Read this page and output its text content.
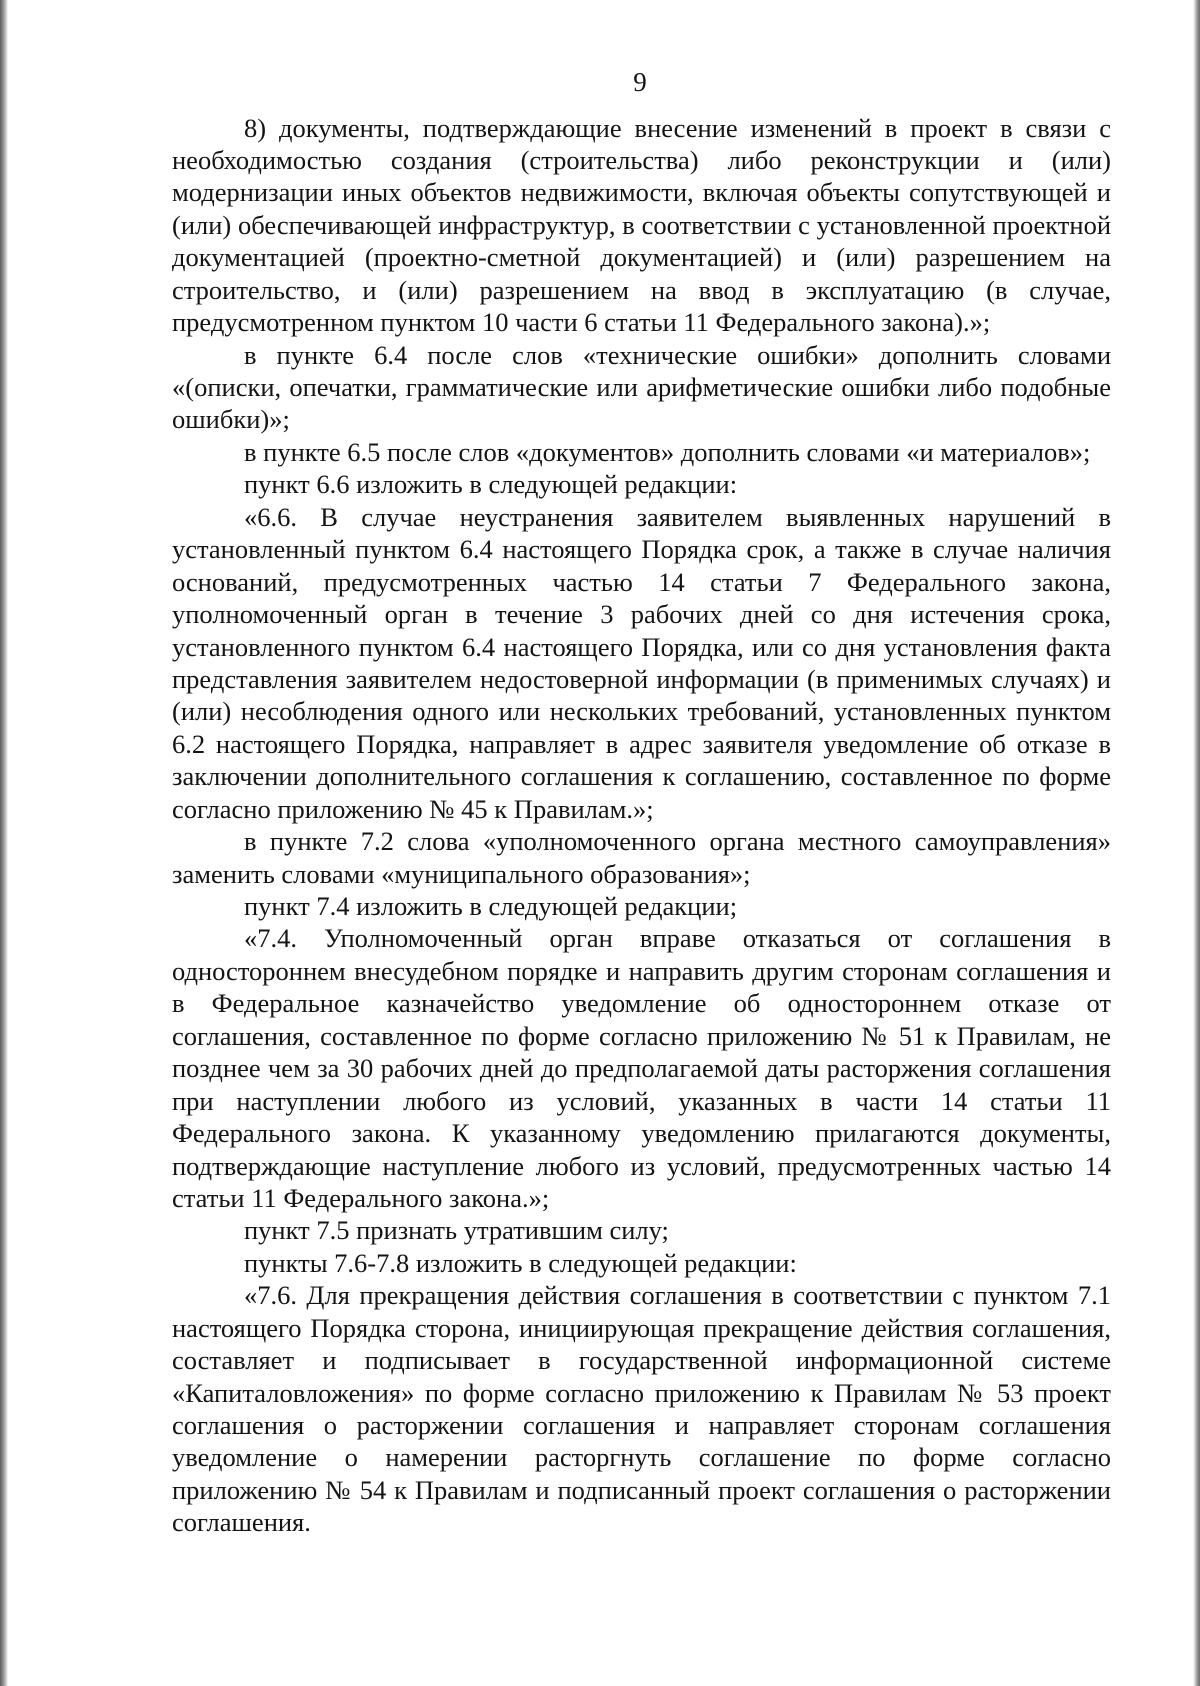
9

8) документы, подтверждающие внесение изменений в проект в связи с необходимостью создания (строительства) либо реконструкции и (или) модернизации иных объектов недвижимости, включая объекты сопутствующей и (или) обеспечивающей инфраструктур, в соответствии с установленной проектной документацией (проектно-сметной документацией) и (или) разрешением на строительство, и (или) разрешением на ввод в эксплуатацию (в случае, предусмотренном пунктом 10 части 6 статьи 11 Федерального закона).»;

в пункте 6.4 после слов «технические ошибки» дополнить словами «(описки, опечатки, грамматические или арифметические ошибки либо подобные ошибки)»;

в пункте 6.5 после слов «документов» дополнить словами «и материалов»;

пункт 6.6 изложить в следующей редакции:

«6.6. В случае неустранения заявителем выявленных нарушений в установленный пунктом 6.4 настоящего Порядка срок, а также в случае наличия оснований, предусмотренных частью 14 статьи 7 Федерального закона, уполномоченный орган в течение 3 рабочих дней со дня истечения срока, установленного пунктом 6.4 настоящего Порядка, или со дня установления факта представления заявителем недостоверной информации (в применимых случаях) и (или) несоблюдения одного или нескольких требований, установленных пунктом 6.2 настоящего Порядка, направляет в адрес заявителя уведомление об отказе в заключении дополнительного соглашения к соглашению, составленное по форме согласно приложению № 45 к Правилам.»;

в пункте 7.2 слова «уполномоченного органа местного самоуправления» заменить словами «муниципального образования»;

пункт 7.4 изложить в следующей редакции;

«7.4. Уполномоченный орган вправе отказаться от соглашения в одностороннем внесудебном порядке и направить другим сторонам соглашения и в Федеральное казначейство уведомление об одностороннем отказе от соглашения, составленное по форме согласно приложению № 51 к Правилам, не позднее чем за 30 рабочих дней до предполагаемой даты расторжения соглашения при наступлении любого из условий, указанных в части 14 статьи 11 Федерального закона. К указанному уведомлению прилагаются документы, подтверждающие наступление любого из условий, предусмотренных частью 14 статьи 11 Федерального закона.»;

пункт 7.5 признать утратившим силу;

пункты 7.6-7.8 изложить в следующей редакции:

«7.6. Для прекращения действия соглашения в соответствии с пунктом 7.1 настоящего Порядка сторона, инициирующая прекращение действия соглашения, составляет и подписывает в государственной информационной системе «Капиталовложения» по форме согласно приложению к Правилам № 53 проект соглашения о расторжении соглашения и направляет сторонам соглашения уведомление о намерении расторгнуть соглашение по форме согласно приложению № 54 к Правилам и подписанный проект соглашения о расторжении соглашения.
